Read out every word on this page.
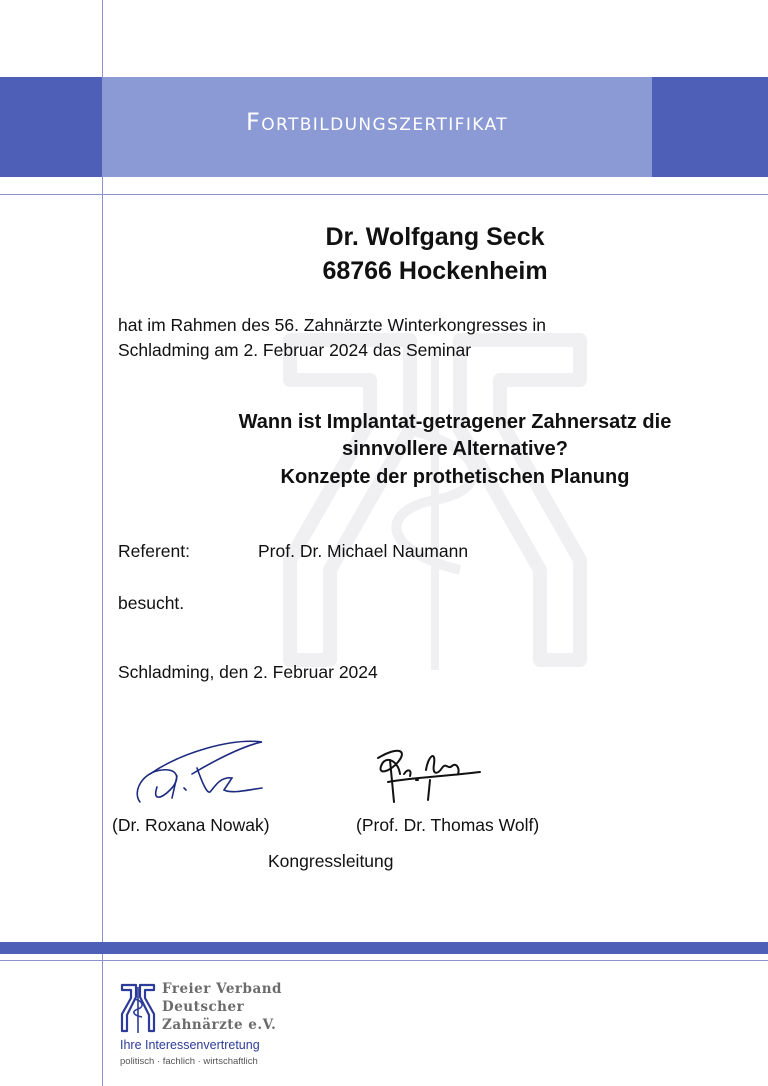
Fortbildungszertifikat
Dr. Wolfgang Seck
68766 Hockenheim
hat im Rahmen des 56. Zahnärzte Winterkongresses in
Schladming am 2. Februar 2024 das Seminar
Wann ist Implantat-getragener Zahnersatz die
sinnvollere Alternative?
Konzepte der prothetischen Planung
Referent:	Prof. Dr. Michael Naumann
besucht.
Schladming, den 2. Februar 2024
(Dr. Roxana Nowak)	(Prof. Dr. Thomas Wolf)
Kongressleitung
Freier Verband
Deutscher
Zahnärzte e.V.
Ihre Interessenvertretung
politisch · fachlich · wirtschaftlich
